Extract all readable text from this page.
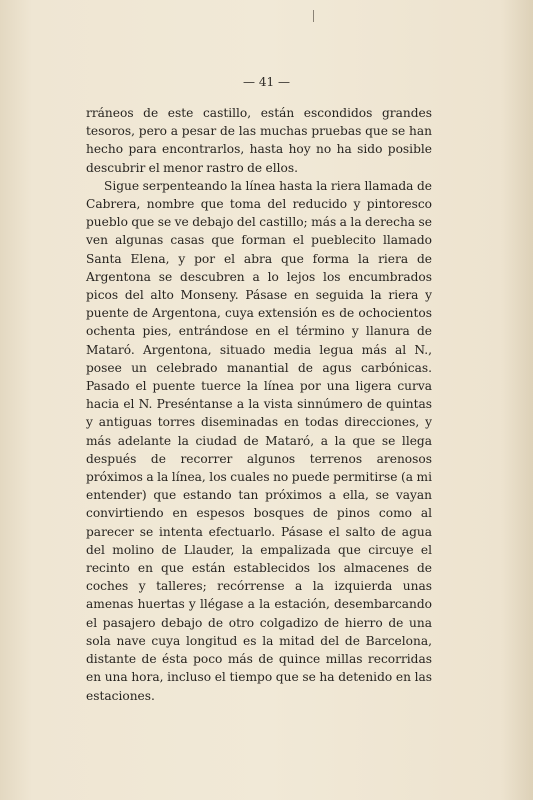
— 41 —

rráneos de este castillo, están escondidos grandes tesoros, pero a pesar de las muchas pruebas que se han hecho para encontrarlos, hasta hoy no ha sido posible descubrir el menor rastro de ellos.

Sigue serpenteando la línea hasta la riera llamada de Cabrera, nombre que toma del reducido y pintoresco pueblo que se ve debajo del castillo; más a la derecha se ven algunas casas que forman el pueblecito llamado Santa Elena, y por el abra que forma la riera de Argentona se descubren a lo lejos los encumbrados picos del alto Monseny. Pásase en seguida la riera y puente de Argentona, cuya extensión es de ochocientos ochenta pies, entrándose en el término y llanura de Mataró. Argentona, situado media legua más al N., posee un celebrado manantial de agus carbónicas. Pasado el puente tuerce la línea por una ligera curva hacia el N. Preséntanse a la vista sinnúmero de quintas y antiguas torres diseminadas en todas direcciones, y más adelante la ciudad de Mataró, a la que se llega después de recorrer algunos terrenos arenosos próximos a la línea, los cuales no puede permitirse (a mi entender) que estando tan próximos a ella, se vayan convirtiendo en espesos bosques de pinos como al parecer se intenta efectuarlo. Pásase el salto de agua del molino de Llauder, la empalizada que circuye el recinto en que están establecidos los almacenes de coches y talleres; recórrense a la izquierda unas amenas huertas y llégase a la estación, desembarcando el pasajero debajo de otro colgadizo de hierro de una sola nave cuya longitud es la mitad del de Barcelona, distante de ésta poco más de quince millas recorridas en una hora, incluso el tiempo que se ha detenido en las estaciones.
